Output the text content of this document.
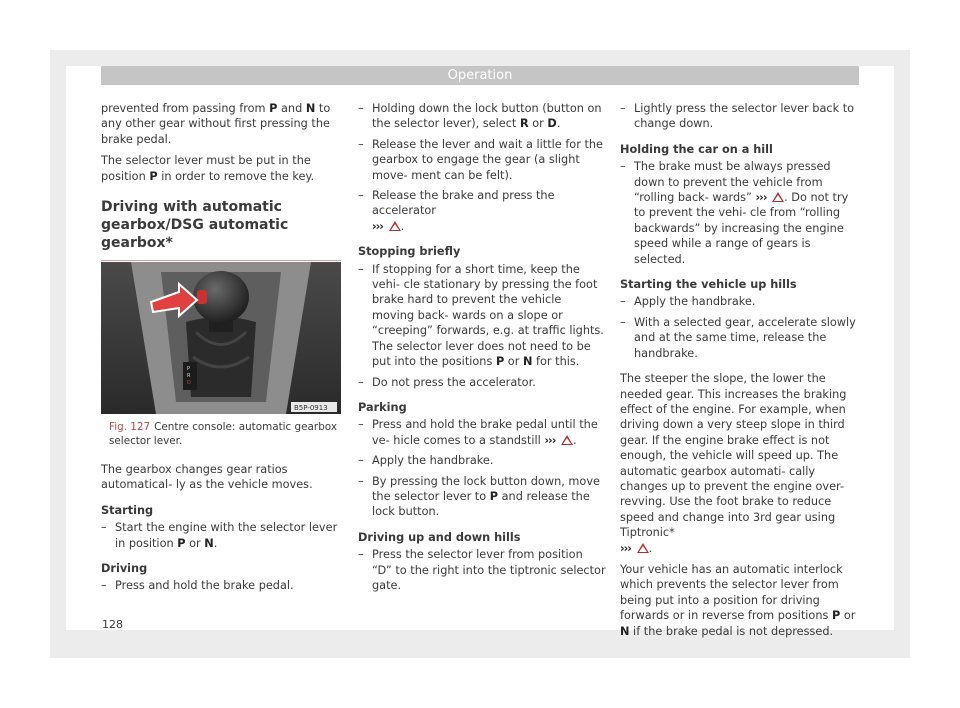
Operation

prevented from passing from P and N to any other gear without first pressing the brake pedal.

The selector lever must be put in the position P in order to remove the key.

Driving with automatic gearbox/DSG automatic gearbox*
P
R
D
B5P-0913
Fig. 127 Centre console: automatic gearbox selector lever.

The gearbox changes gear ratios automatical- ly as the vehicle moves.

Starting
– Start the engine with the selector lever in position P or N.
Driving
– Press and hold the brake pedal.
– Holding down the lock button (button on the selector lever), select R or D.
– Release the lever and wait a little for the gearbox to engage the gear (a slight move- ment can be felt).
– Release the brake and press the accelerator
››› .
Stopping briefly
– If stopping for a short time, keep the vehi- cle stationary by pressing the foot brake hard to prevent the vehicle moving back- wards on a slope or “creeping” forwards, e.g. at traffic lights. The selector lever does not need to be put into the positions P or N for this.
– Do not press the accelerator.
Parking
– Press and hold the brake pedal until the ve- hicle comes to a standstill ››› .
– Apply the handbrake.
– By pressing the lock button down, move the selector lever to P and release the lock button.
Driving up and down hills
– Press the selector lever from position “D” to the right into the tiptronic selector gate.
– Lightly press the selector lever back to change down.
Holding the car on a hill
– The brake must be always pressed down to prevent the vehicle from “rolling back- wards” ››› . Do not try to prevent the vehi- cle from “rolling backwards” by increasing the engine speed while a range of gears is selected.
Starting the vehicle up hills
– Apply the handbrake.
– With a selected gear, accelerate slowly and at the same time, release the handbrake.

The steeper the slope, the lower the needed gear. This increases the braking effect of the engine. For example, when driving down a very steep slope in third gear. If the engine brake effect is not enough, the vehicle will speed up. The automatic gearbox automati- cally changes up to prevent the engine over- revving. Use the foot brake to reduce speed and change into 3rd gear using Tiptronic*
››› .

Your vehicle has an automatic interlock which prevents the selector lever from being put into a position for driving forwards or in reverse from positions P or N if the brake pedal is not depressed.

128
